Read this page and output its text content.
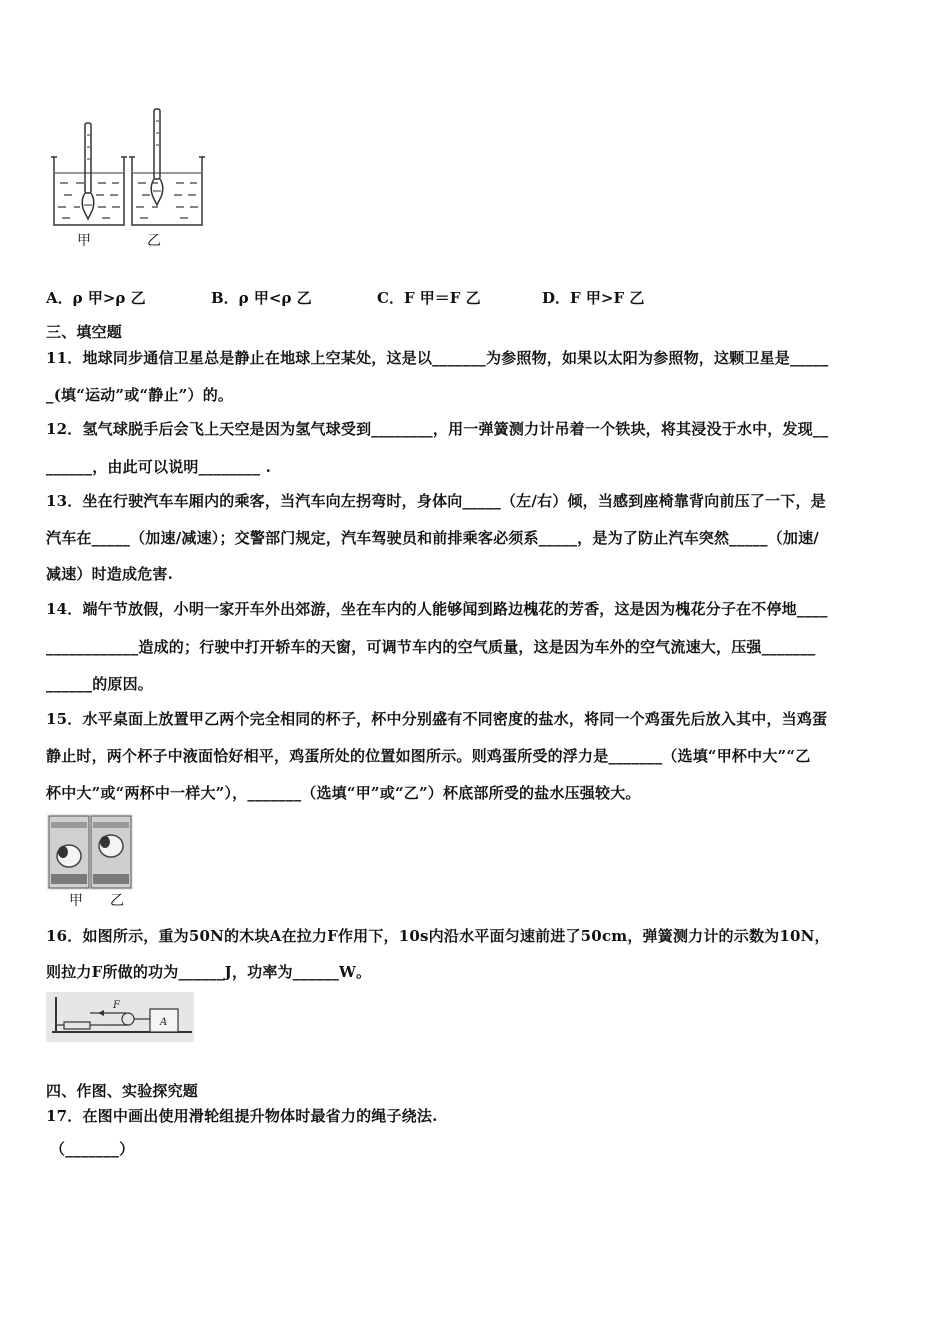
甲	乙
A．ρ 甲>ρ 乙	B．ρ 甲<ρ 乙	C．F 甲＝F 乙	D．F 甲>F 乙
三、填空题
11．地球同步通信卫星总是静止在地球上空某处，这是以_______为参照物，如果以太阳为参照物，这颗卫星是_____
_(填“运动”或“静止”）的。
12．氢气球脱手后会飞上天空是因为氢气球受到________，用一弹簧测力计吊着一个铁块，将其浸没于水中，发现__
______，由此可以说明________ .
13．坐在行驶汽车车厢内的乘客，当汽车向左拐弯时，身体向_____（左/右）倾，当感到座椅靠背向前压了一下，是
汽车在_____（加速/减速）；交警部门规定，汽车驾驶员和前排乘客必须系_____，是为了防止汽车突然_____（加速/
减速）时造成危害.
14．端午节放假，小明一家开车外出郊游，坐在车内的人能够闻到路边槐花的芳香，这是因为槐花分子在不停地____
____________造成的；行驶中打开轿车的天窗，可调节车内的空气质量，这是因为车外的空气流速大，压强_______
______的原因。
15．水平桌面上放置甲乙两个完全相同的杯子，杯中分别盛有不同密度的盐水，将同一个鸡蛋先后放入其中，当鸡蛋
静止时，两个杯子中液面恰好相平，鸡蛋所处的位置如图所示。则鸡蛋所受的浮力是_______（选填“甲杯中大”“乙
杯中大”或“两杯中一样大”），_______（选填“甲”或“乙”）杯底部所受的盐水压强较大。
甲 乙
16．如图所示，重为50N的木块A在拉力F作用下，10s内沿水平面匀速前进了50cm，弹簧测力计的示数为10N，
则拉力F所做的功为______J，功率为______W。
F
A
四、作图、实验探究题
17．在图中画出使用滑轮组提升物体时最省力的绳子绕法.
（_______）
